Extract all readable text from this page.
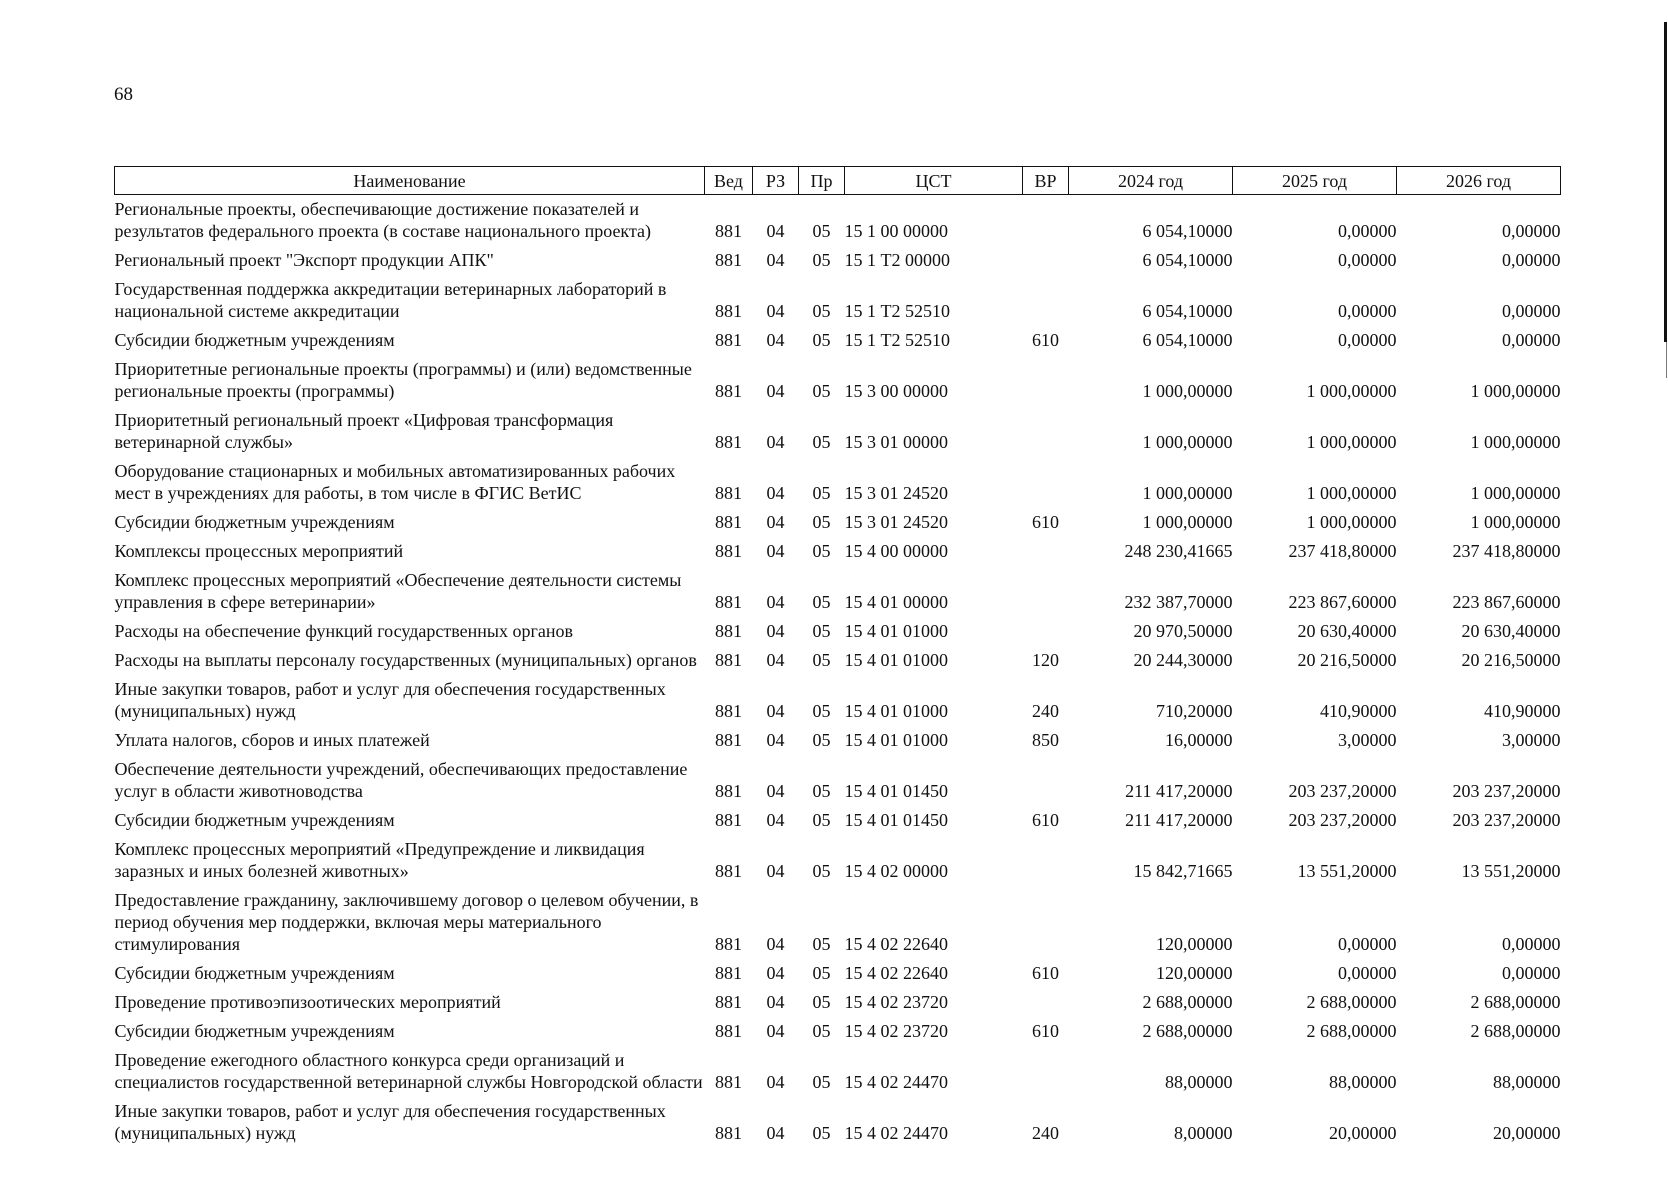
68
Наименование	Вед	РЗ	Пр	ЦСТ	ВР	2024 год	2025 год	2026 год
Региональные проекты, обеспечивающие достижение показателей и результатов федерального проекта (в составе национального проекта)	881	04	05	15 1 00 00000		6 054,10000	0,00000	0,00000
Региональный проект "Экспорт продукции АПК"	881	04	05	15 1 Т2 00000		6 054,10000	0,00000	0,00000
Государственная поддержка аккредитации ветеринарных лабораторий в национальной системе аккредитации	881	04	05	15 1 Т2 52510		6 054,10000	0,00000	0,00000
Субсидии бюджетным учреждениям	881	04	05	15 1 Т2 52510	610	6 054,10000	0,00000	0,00000
Приоритетные региональные проекты (программы) и (или) ведомственные региональные проекты (программы)	881	04	05	15 3 00 00000		1 000,00000	1 000,00000	1 000,00000
Приоритетный региональный проект «Цифровая трансформация ветеринарной службы»	881	04	05	15 3 01 00000		1 000,00000	1 000,00000	1 000,00000
Оборудование стационарных и мобильных автоматизированных рабочих мест в учреждениях для работы, в том числе в ФГИС ВетИС	881	04	05	15 3 01 24520		1 000,00000	1 000,00000	1 000,00000
Субсидии бюджетным учреждениям	881	04	05	15 3 01 24520	610	1 000,00000	1 000,00000	1 000,00000
Комплексы процессных мероприятий	881	04	05	15 4 00 00000		248 230,41665	237 418,80000	237 418,80000
Комплекс процессных мероприятий «Обеспечение деятельности системы управления в сфере ветеринарии»	881	04	05	15 4 01 00000		232 387,70000	223 867,60000	223 867,60000
Расходы на обеспечение функций государственных органов	881	04	05	15 4 01 01000		20 970,50000	20 630,40000	20 630,40000
Расходы на выплаты персоналу государственных (муниципальных) органов	881	04	05	15 4 01 01000	120	20 244,30000	20 216,50000	20 216,50000
Иные закупки товаров, работ и услуг для обеспечения государственных (муниципальных) нужд	881	04	05	15 4 01 01000	240	710,20000	410,90000	410,90000
Уплата налогов, сборов и иных платежей	881	04	05	15 4 01 01000	850	16,00000	3,00000	3,00000
Обеспечение деятельности учреждений, обеспечивающих предоставление услуг в области животноводства	881	04	05	15 4 01 01450		211 417,20000	203 237,20000	203 237,20000
Субсидии бюджетным учреждениям	881	04	05	15 4 01 01450	610	211 417,20000	203 237,20000	203 237,20000
Комплекс процессных мероприятий «Предупреждение и ликвидация заразных и иных болезней животных»	881	04	05	15 4 02 00000		15 842,71665	13 551,20000	13 551,20000
Предоставление гражданину, заключившему договор о целевом обучении, в период обучения мер поддержки, включая меры материального стимулирования	881	04	05	15 4 02 22640		120,00000	0,00000	0,00000
Субсидии бюджетным учреждениям	881	04	05	15 4 02 22640	610	120,00000	0,00000	0,00000
Проведение противоэпизоотических мероприятий	881	04	05	15 4 02 23720		2 688,00000	2 688,00000	2 688,00000
Субсидии бюджетным учреждениям	881	04	05	15 4 02 23720	610	2 688,00000	2 688,00000	2 688,00000
Проведение ежегодного областного конкурса среди организаций и специалистов государственной ветеринарной службы Новгородской области	881	04	05	15 4 02 24470		88,00000	88,00000	88,00000
Иные закупки товаров, работ и услуг для обеспечения государственных (муниципальных) нужд	881	04	05	15 4 02 24470	240	8,00000	20,00000	20,00000
